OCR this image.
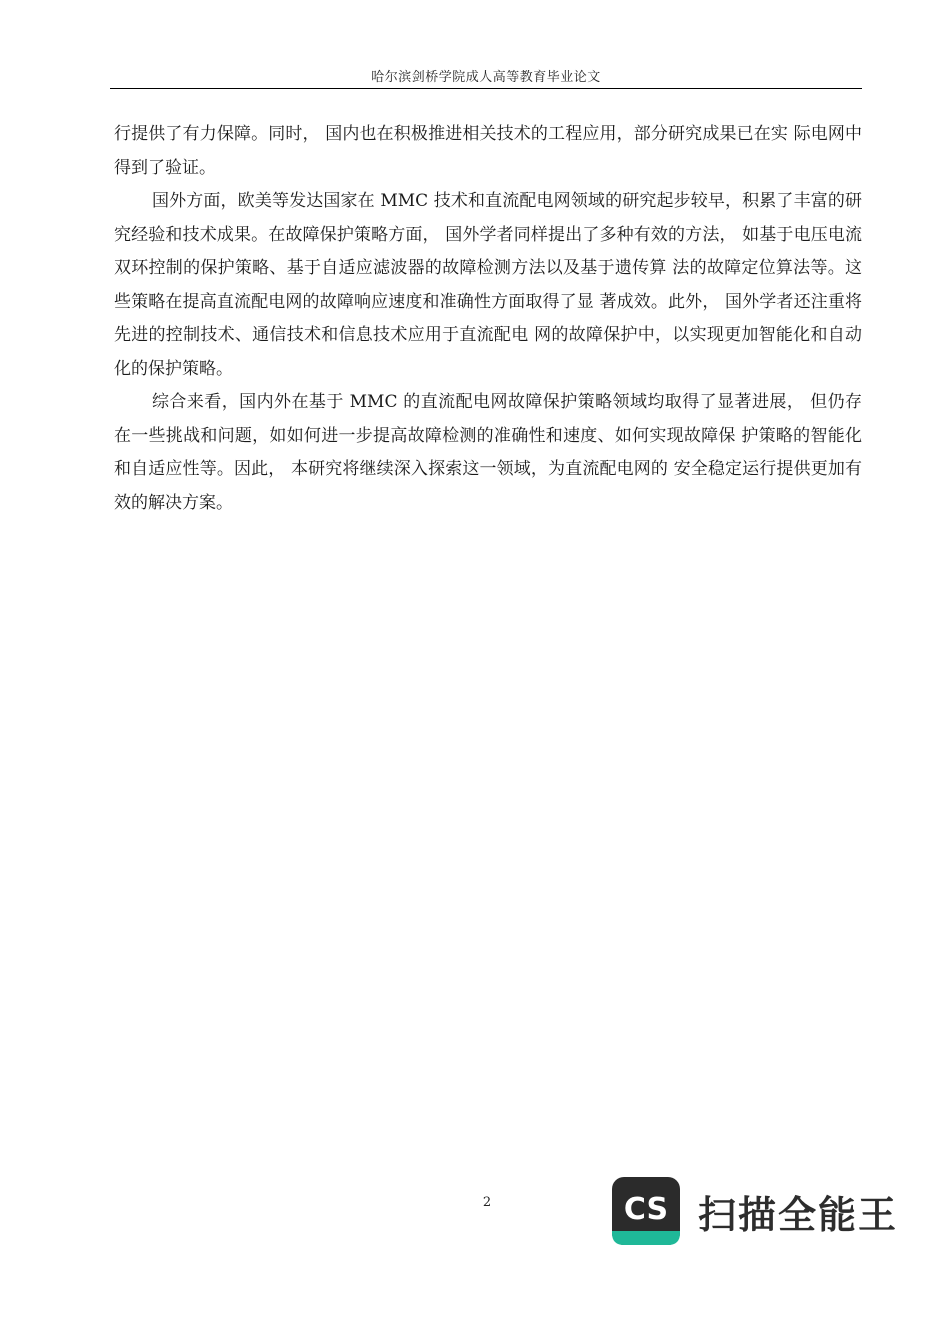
哈尔滨剑桥学院成人高等教育毕业论文

行提供了有力保障。同时， 国内也在积极推进相关技术的工程应用，部分研究成果已在实 际电网中得到了验证。

国外方面，欧美等发达国家在 MMC 技术和直流配电网领域的研究起步较早，积累了丰富的研究经验和技术成果。在故障保护策略方面， 国外学者同样提出了多种有效的方法， 如基于电压电流双环控制的保护策略、基于自适应滤波器的故障检测方法以及基于遗传算 法的故障定位算法等。这些策略在提高直流配电网的故障响应速度和准确性方面取得了显 著成效。此外， 国外学者还注重将先进的控制技术、通信技术和信息技术应用于直流配电 网的故障保护中，以实现更加智能化和自动化的保护策略。

综合来看，国内外在基于 MMC 的直流配电网故障保护策略领域均取得了显著进展， 但仍存在一些挑战和问题，如如何进一步提高故障检测的准确性和速度、如何实现故障保 护策略的智能化和自适应性等。因此， 本研究将继续深入探索这一领域，为直流配电网的 安全稳定运行提供更加有效的解决方案。

2	CS 扫描全能王
